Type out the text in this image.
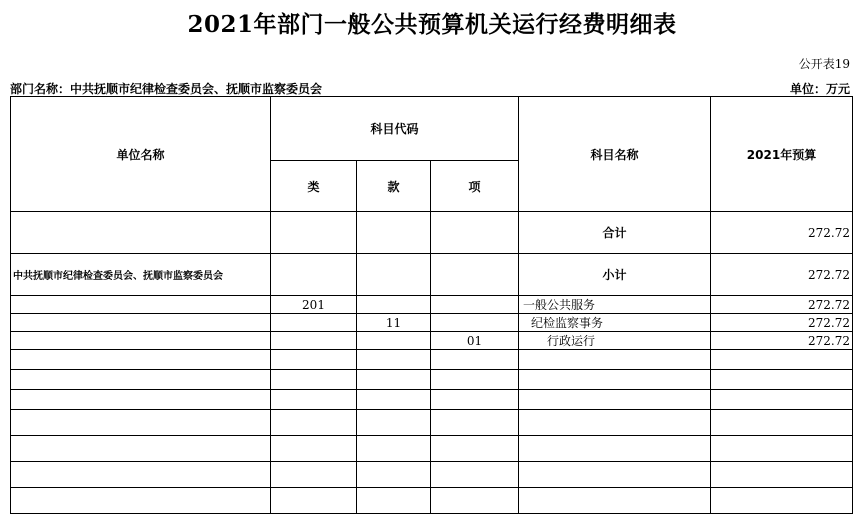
2021年部门一般公共预算机关运行经费明细表
公开表19
部门名称：中共抚顺市纪律检查委员会、抚顺市监察委员会	单位：万元
单位名称	科目代码			科目名称	2021年预算
	类	款	项		
				合计	272.72
中共抚顺市纪律检查委员会、抚顺市监察委员会				小计	272.72
	201			一般公共服务	272.72
		11		纪检监察事务	272.72
			01	行政运行	272.72
